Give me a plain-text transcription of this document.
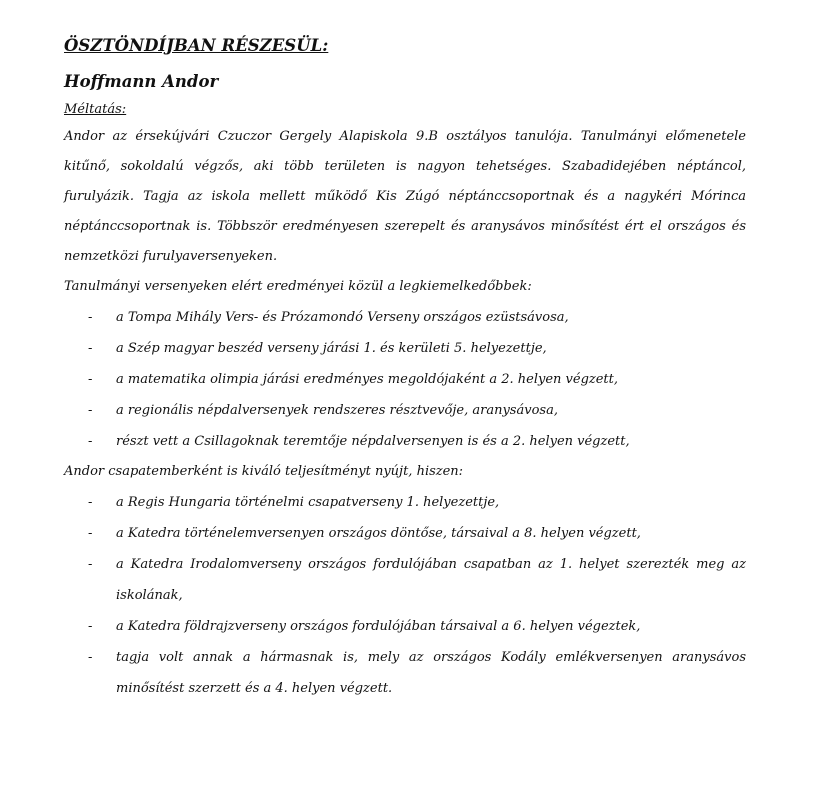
ÖSZTÖNDÍJBAN RÉSZESÜL:
Hoffmann Andor
Méltatás:

Andor az érsekújvári Czuczor Gergely Alapiskola 9.B osztályos tanulója. Tanulmányi előmenetele kitűnő, sokoldalú végzős, aki több területen is nagyon tehetséges. Szabadidejében néptáncol, furulyázik. Tagja az iskola mellett működő Kis Zúgó néptánccsoportnak és a nagykéri Mórinca néptánccsoportnak is. Többször eredményesen szerepelt és aranysávos minősítést ért el országos és nemzetközi furulyaversenyeken.

Tanulmányi versenyeken elért eredményei közül a legkiemelkedőbbek:

- a Tompa Mihály Vers- és Prózamondó Verseny országos ezüstsávosa,
- a Szép magyar beszéd verseny járási 1. és kerületi 5. helyezettje,
- a matematika olimpia járási eredményes megoldójaként a 2. helyen végzett,
- a regionális népdalversenyek rendszeres résztvevője, aranysávosa,
- részt vett a Csillagoknak teremtője népdalversenyen is és a 2. helyen végzett,

Andor csapatemberként is kiváló teljesítményt nyújt, hiszen:

- a Regis Hungaria történelmi csapatverseny 1. helyezettje,
- a Katedra történelemversenyen országos döntőse, társaival a 8. helyen végzett,
- a Katedra Irodalomverseny országos fordulójában csapatban az 1. helyet szerezték meg az iskolának,
- a Katedra földrajzverseny országos fordulójában társaival a 6. helyen végeztek,
- tagja volt annak a hármasnak is, mely az országos Kodály emlékversenyen aranysávos minősítést szerzett és a 4. helyen végzett.
